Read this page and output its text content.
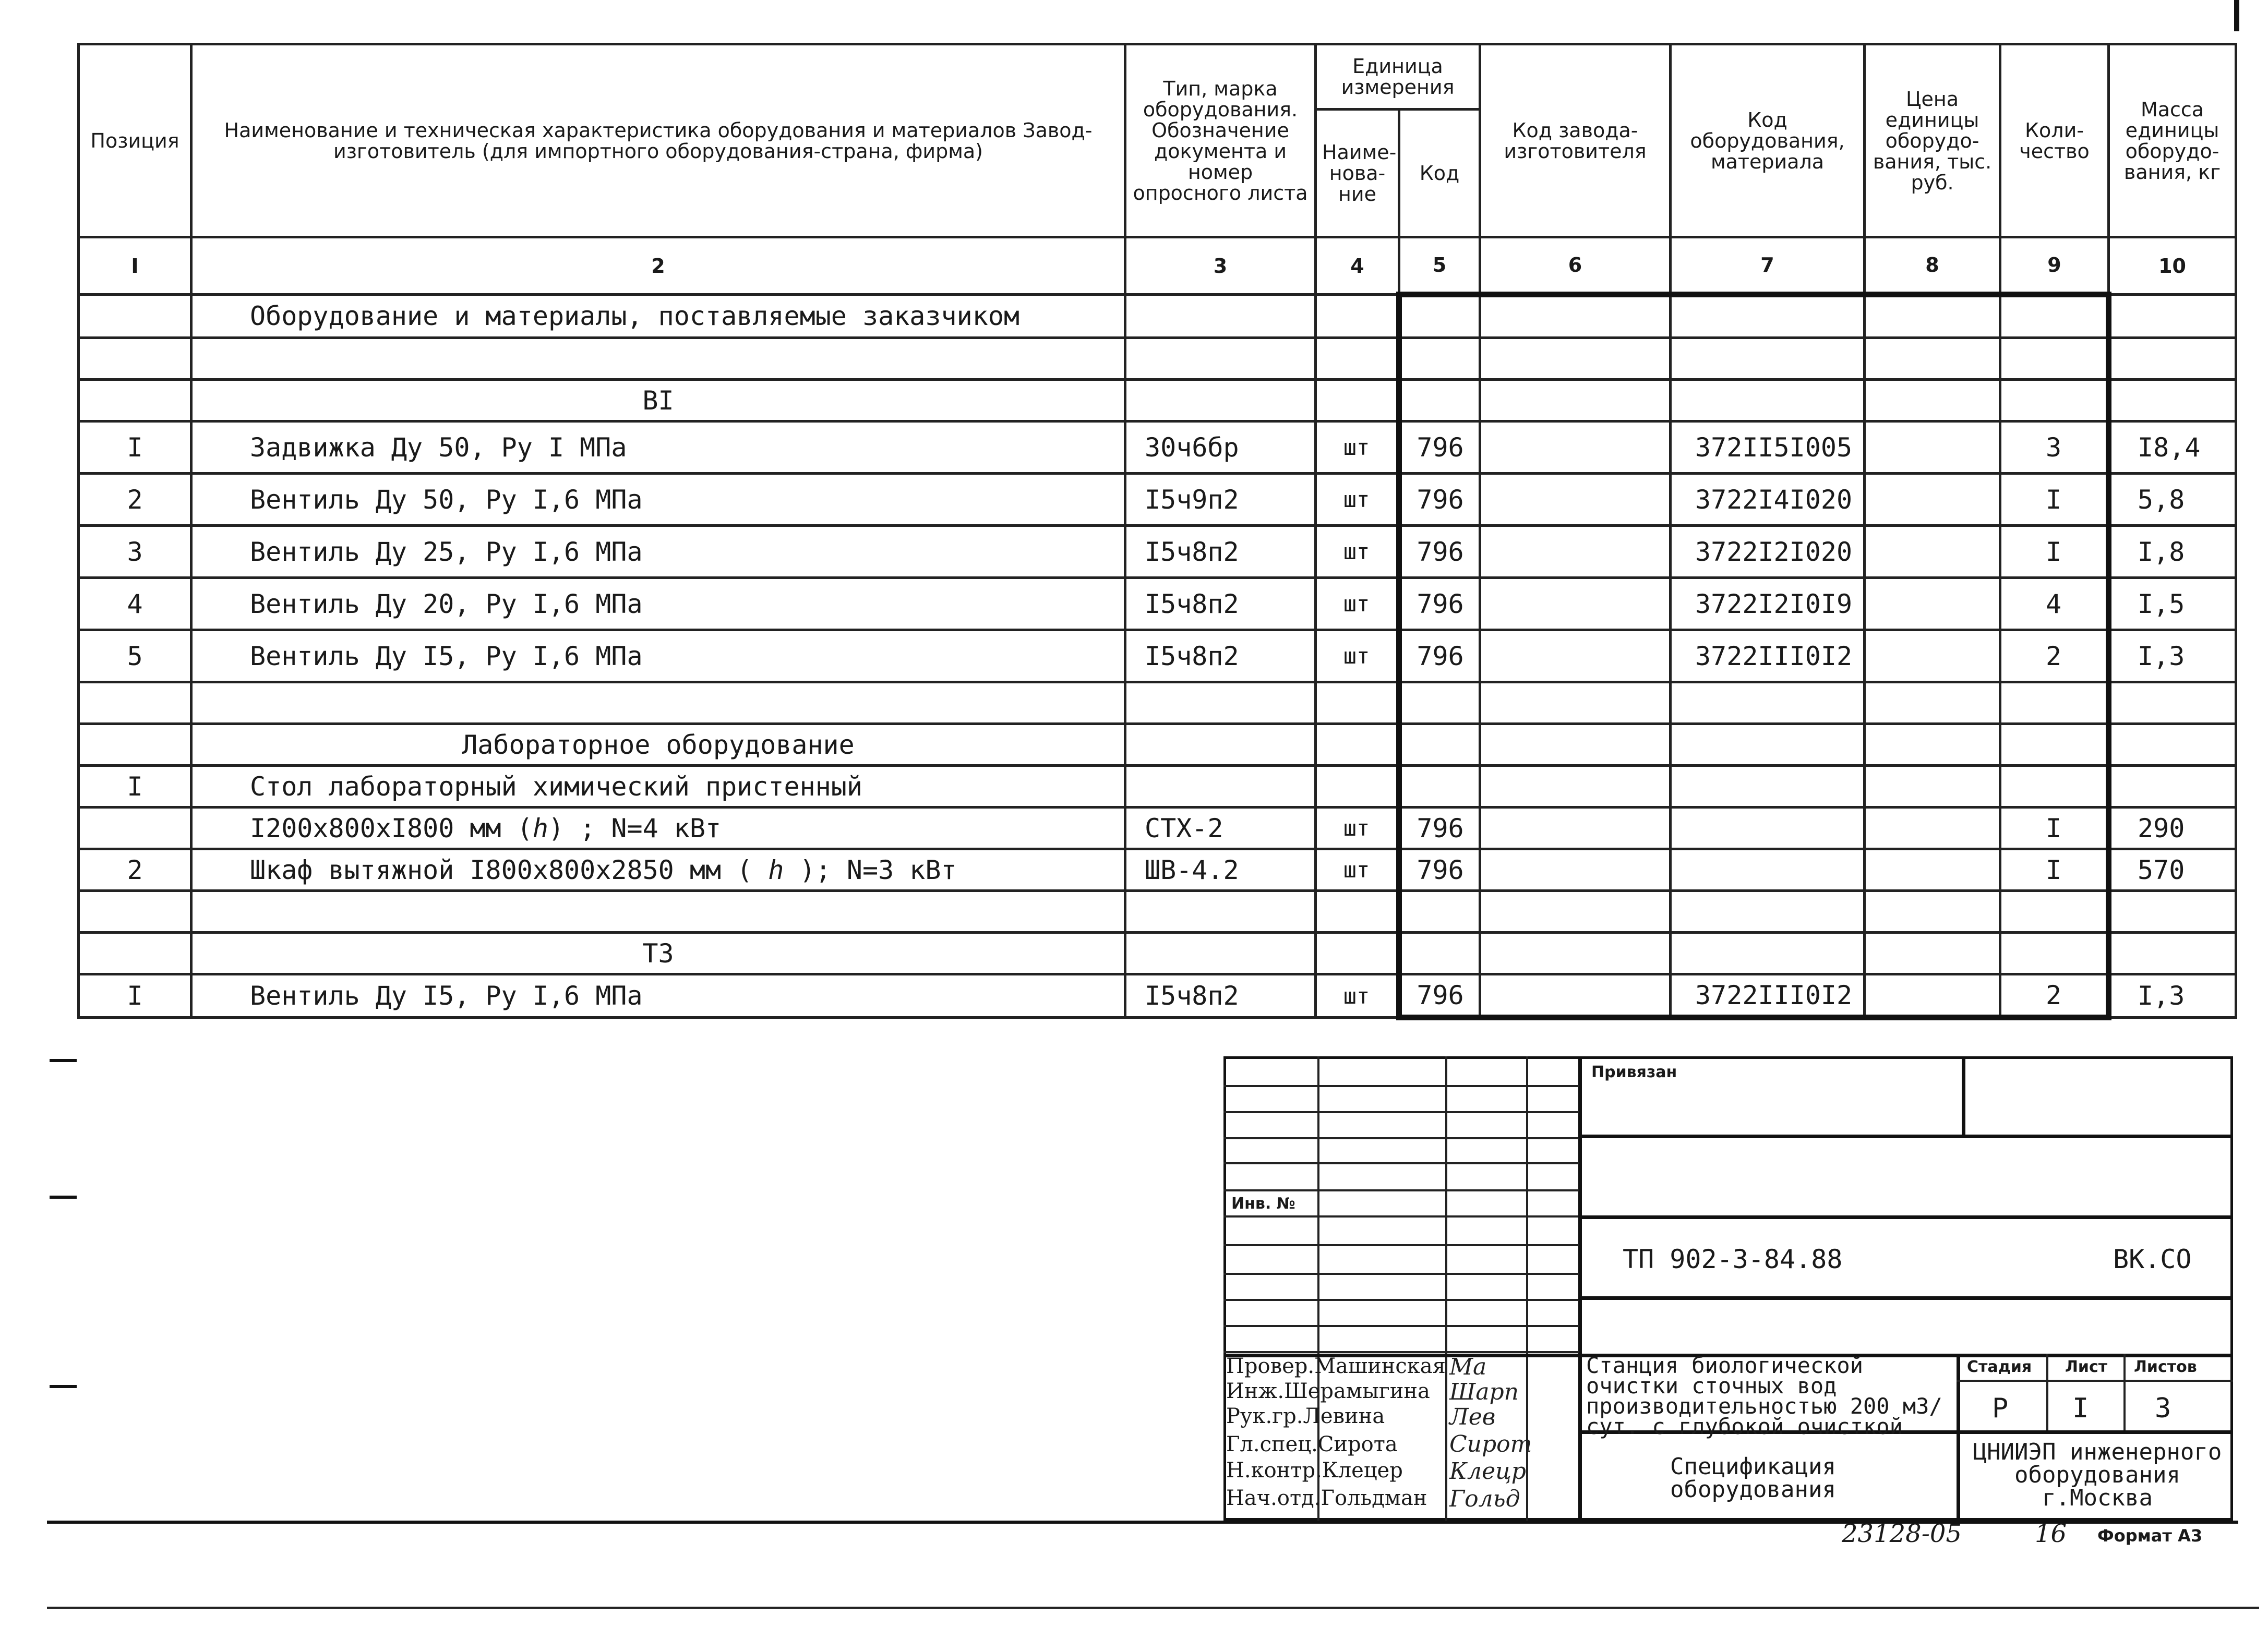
Позиция	Наименование и техническая характеристика оборудования и материалов Завод-изготовитель (для импортного оборудования-страна, фирма)	Тип, марка оборудования. Обозначение документа и номер опросного листа	Единица измерения		Код завода-изготовителя	Код оборудования, материала	Цена единицы оборудо-вания, тыс. руб.	Коли-чество	Масса единицы оборудо-вания, кг
			Наиме-нова-ние	Код					
I	2	3	4	5	6	7	8	9	10
	Оборудование и материалы, поставляемые заказчиком								

	BI								
I	Задвижка Ду 50, Ру I МПа	30ч6бр	шт	796		372II5I005		3	I8,4
2	Вентиль Ду 50, Ру I,6 МПа	I5ч9п2	шт	796		3722I4I020		I	5,8
3	Вентиль Ду 25, Ру I,6 МПа	I5ч8п2	шт	796		3722I2I020		I	I,8
4	Вентиль Ду 20, Ру I,6 МПа	I5ч8п2	шт	796		3722I2I0I9		4	I,5
5	Вентиль Ду I5, Ру I,6 МПа	I5ч8п2	шт	796		3722III0I2		2	I,3

	Лабораторное оборудование								
I	Стол лабораторный химический пристенный								
	I200x800xI800 мм (ℎ) ; N=4 кВт	СТХ-2	шт	796				I	290
2	Шкаф вытяжной I800x800x2850 мм ( ℎ ); N=3 кВт	ШВ-4.2	шт	796				I	570

	Т3								
I	Вентиль Ду I5, Ру I,6 МПа	I5ч8п2	шт	796		3722III0I2		2	I,3
Привязан
Инв. №
ТП 902-3-84.88	ВК.СО
Станция биологической очистки сточных вод производительностью 200 м3/сут. с глубокой очисткой
Стадия Лист Листов
Р I 3
Спецификация оборудования
ЦНИИЭП инженерного оборудования г.Москва
Провер.Машинская
Инж.Шерамыгина
Рук.гр.Левина
Гл.спец.Сирота
Н.контр.Клецер
Нач.отд.Гольдман
Ма
Шарп
Лев
Сирот
Клецр
Гольд
23128-05	16 Формат А3
